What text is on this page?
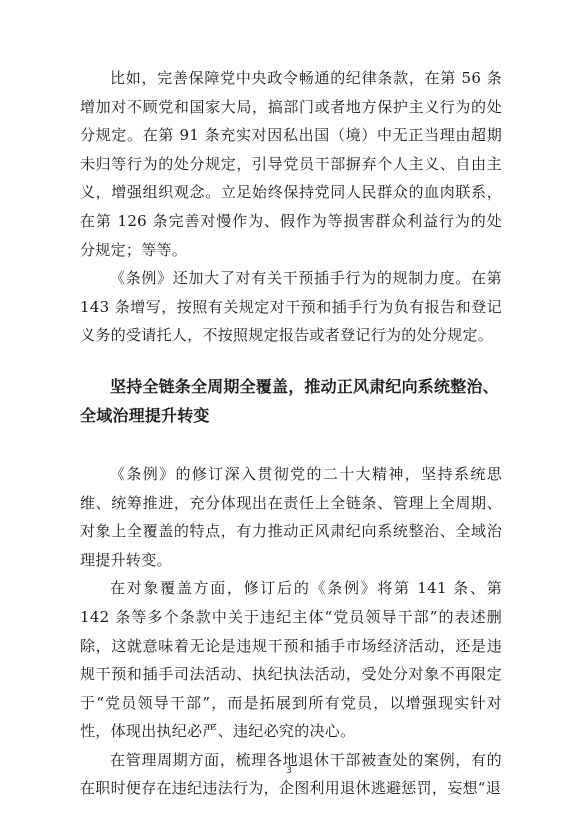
比如，完善保障党中央政令畅通的纪律条款，在第 56 条增加对不顾党和国家大局，搞部门或者地方保护主义行为的处分规定。在第 91 条充实对因私出国（境）中无正当理由超期未归等行为的处分规定，引导党员干部摒弃个人主义、自由主义，增强组织观念。立足始终保持党同人民群众的血肉联系，在第 126 条完善对慢作为、假作为等损害群众利益行为的处分规定；等等。

《条例》还加大了对有关干预插手行为的规制力度。在第 143 条增写，按照有关规定对干预和插手行为负有报告和登记义务的受请托人，不按照规定报告或者登记行为的处分规定。

坚持全链条全周期全覆盖，推动正风肃纪向系统整治、全域治理提升转变

《条例》的修订深入贯彻党的二十大精神，坚持系统思维、统筹推进，充分体现出在责任上全链条、管理上全周期、对象上全覆盖的特点，有力推动正风肃纪向系统整治、全域治理提升转变。

在对象覆盖方面，修订后的《条例》将第 141 条、第 142 条等多个条款中关于违纪主体“党员领导干部”的表述删除，这就意味着无论是违规干预和插手市场经济活动，还是违规干预和插手司法活动、执纪执法活动，受处分对象不再限定于“党员领导干部”，而是拓展到所有党员，以增强现实针对性，体现出执纪必严、违纪必究的决心。

在管理周期方面，梳理各地退休干部被查处的案例，有的在职时便存在违纪违法行为，企图利用退休逃避惩罚，妄想“退

3
